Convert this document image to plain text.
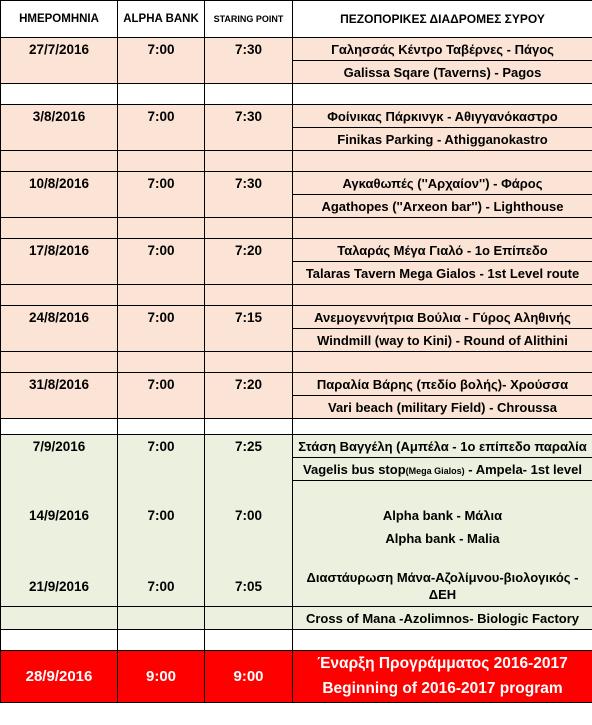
ΗΜΕΡΟΜΗΝΙΑ	ALPHA BANK	STARING POINT	ΠΕΖΟΠΟΡΙΚΕΣ ΔΙΑΔΡΟΜΕΣ ΣΥΡΟΥ
27/7/2016	7:00	7:30	Γαλησσάς Κέντρο Ταβέρνες - Πάγος
			Galissa Sqare (Taverns) - Pagos

3/8/2016	7:00	7:30	Φοίνικας Πάρκινγκ - Αθιγγανόκαστρο
			Finikas Parking - Athigganokastro

10/8/2016	7:00	7:30	Αγκαθωπές (''Αρχαίον'') - Φάρος
			Agathopes (''Arxeon bar'') - Lighthouse

17/8/2016	7:00	7:20	Ταλαράς Μέγα Γιαλό - 1ο Επίπεδο
			Talaras Tavern Mega Gialos - 1st Level route

24/8/2016	7:00	7:15	Ανεμογεννήτρια Βούλια - Γύρος Αληθινής
			Windmill (way to Kini) - Round of Alithini

31/8/2016	7:00	7:20	Παραλία Βάρης (πεδίο βολής)- Χρούσσα
			Vari beach (military Field) - Chroussa

7/9/2016	7:00	7:25	Στάση Βαγγέλη (Αμπέλα - 1ο επίπεδο παραλία
			Vagelis bus stop(Mega Gialos) - Ampela- 1st level

14/9/2016	7:00	7:00	Alpha bank - Μάλια
			Alpha bank - Malia

21/9/2016	7:00	7:05	Διαστάυρωση Μάνα-Αζολίμνου-βιολογικός -
ΔΕΗ
			Cross of Mana -Azolimnos- Biologic Factory

28/9/2016	9:00	9:00	Έναρξη Προγράμματος 2016-2017
			Beginning of 2016-2017 program
